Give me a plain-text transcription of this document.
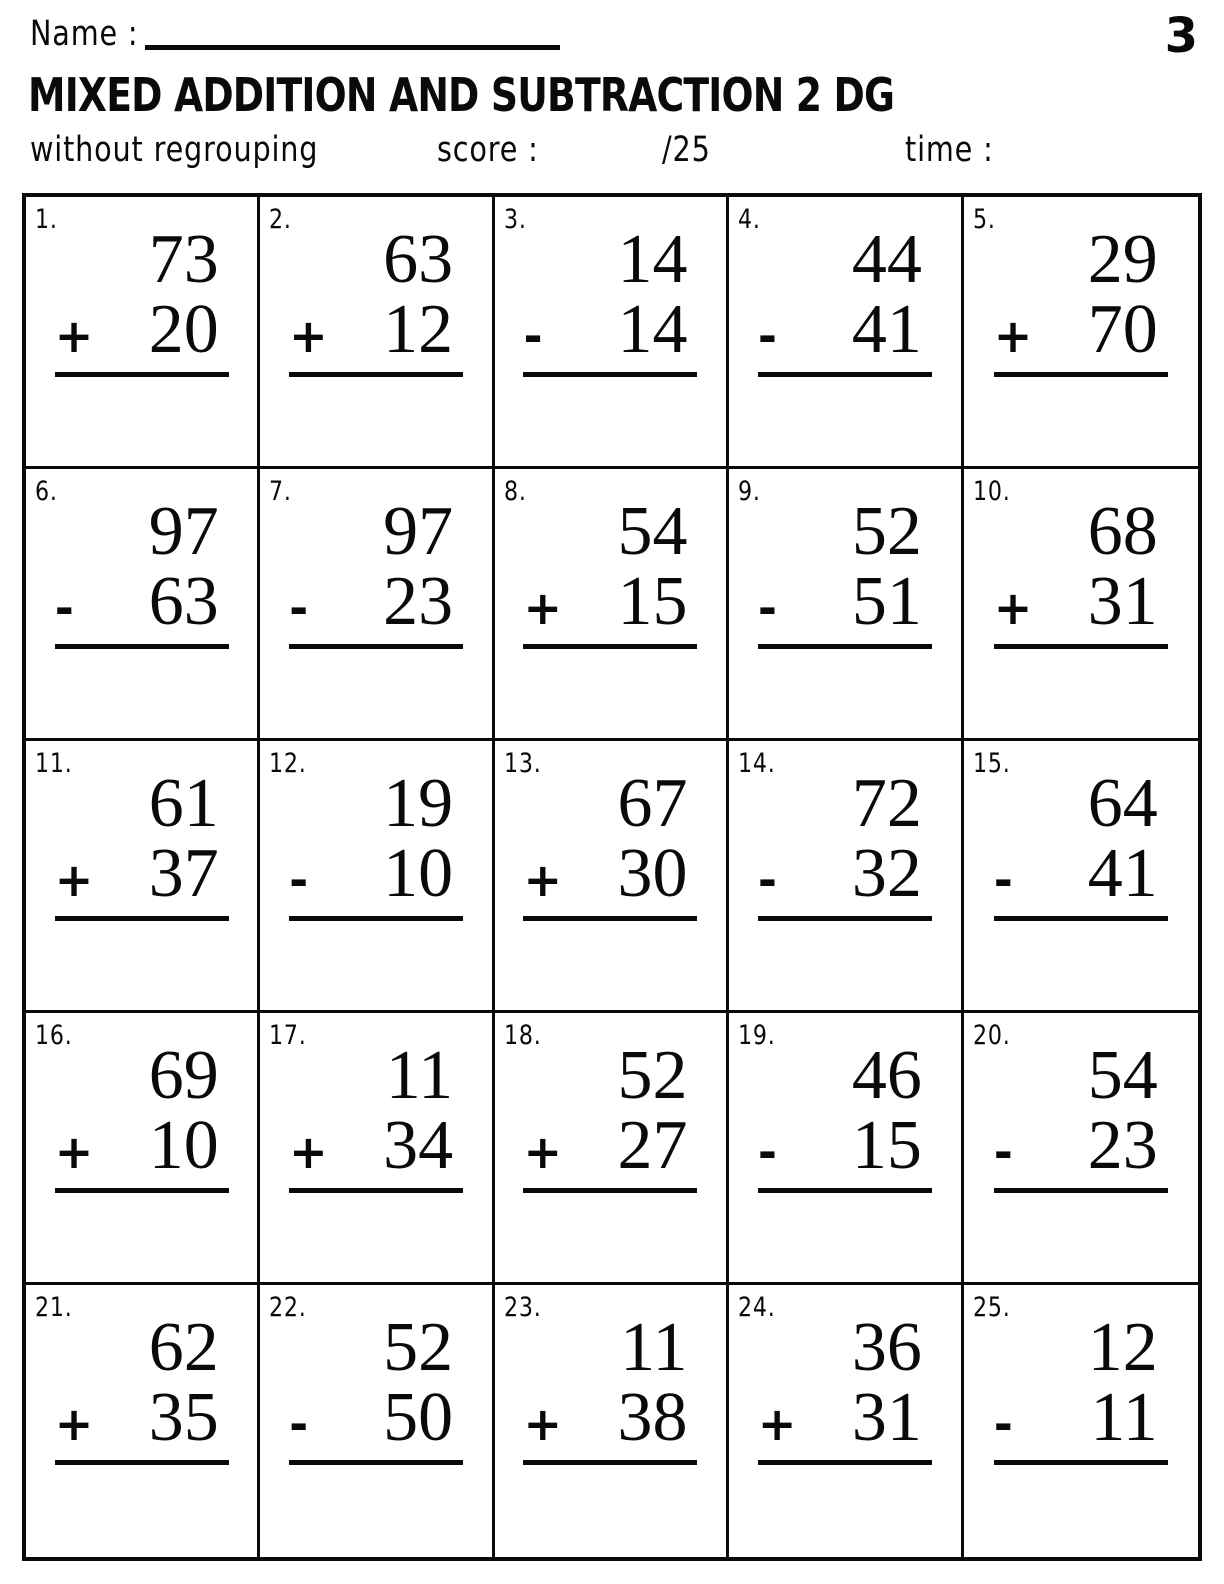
Name :	3
MIXED ADDITION AND SUBTRACTION 2 DG
without regrouping	score :	/25	time :
1.
73
+ 20
2.
63
+ 12
3.
14
- 14
4.
44
- 41
5.
29
+ 70
6.
97
- 63
7.
97
- 23
8.
54
+ 15
9.
52
- 51
10.
68
+ 31
11.
61
+ 37
12.
19
- 10
13.
67
+ 30
14.
72
- 32
15.
64
- 41
16.
69
+ 10
17.
11
+ 34
18.
52
+ 27
19.
46
- 15
20.
54
- 23
21.
62
+ 35
22.
52
- 50
23.
11
+ 38
24.
36
+ 31
25.
12
- 11
